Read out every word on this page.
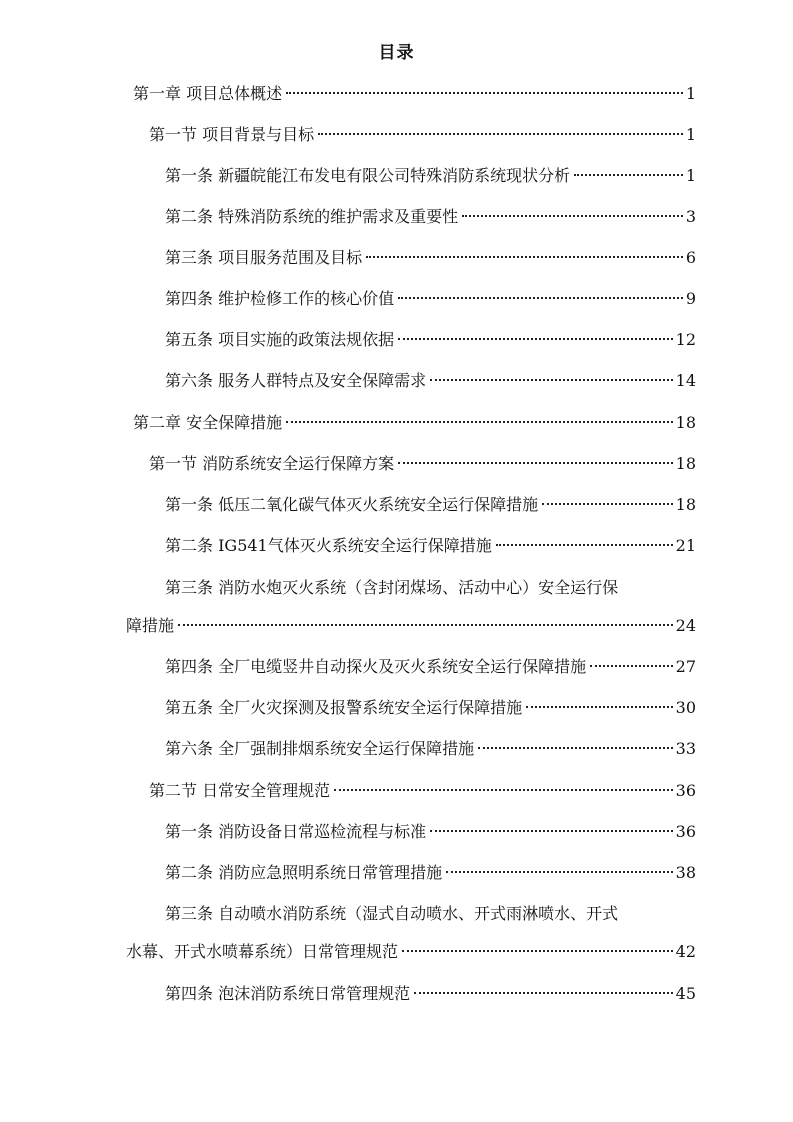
目录
第一章 项目总体概述	1
第一节 项目背景与目标	1
第一条 新疆皖能江布发电有限公司特殊消防系统现状分析	1
第二条 特殊消防系统的维护需求及重要性	3
第三条 项目服务范围及目标	6
第四条 维护检修工作的核心价值	9
第五条 项目实施的政策法规依据	12
第六条 服务人群特点及安全保障需求	14
第二章 安全保障措施	18
第一节 消防系统安全运行保障方案	18
第一条 低压二氧化碳气体灭火系统安全运行保障措施	18
第二条 IG541气体灭火系统安全运行保障措施	21
第三条 消防水炮灭火系统（含封闭煤场、活动中心）安全运行保
障措施	24
第四条 全厂电缆竖井自动探火及灭火系统安全运行保障措施	27
第五条 全厂火灾探测及报警系统安全运行保障措施	30
第六条 全厂强制排烟系统安全运行保障措施	33
第二节 日常安全管理规范	36
第一条 消防设备日常巡检流程与标准	36
第二条 消防应急照明系统日常管理措施	38
第三条 自动喷水消防系统（湿式自动喷水、开式雨淋喷水、开式
水幕、开式水喷幕系统）日常管理规范	42
第四条 泡沫消防系统日常管理规范	45
